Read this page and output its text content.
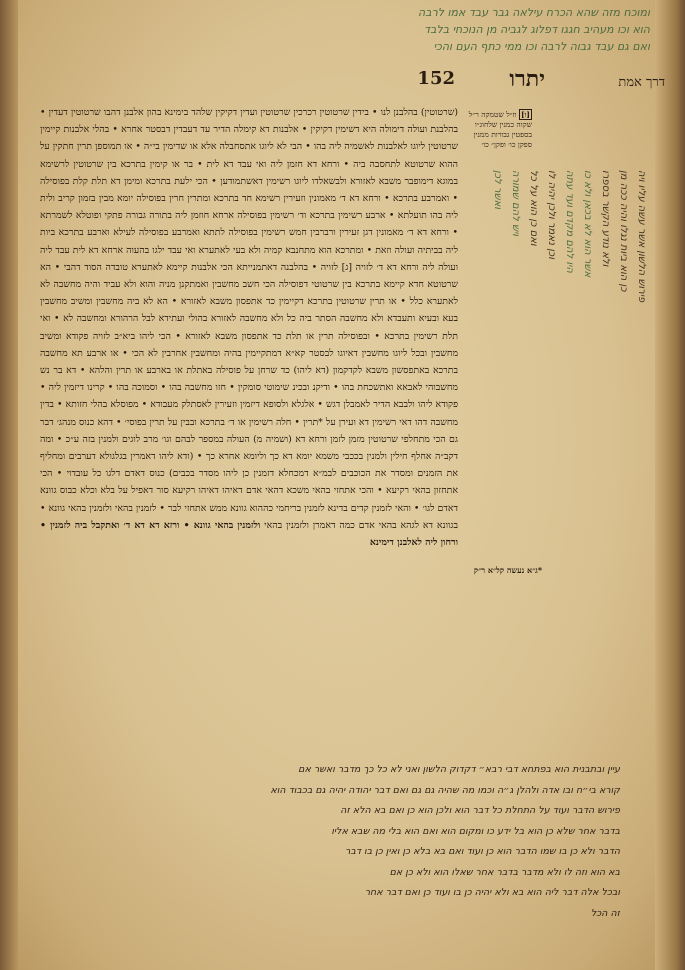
ומוכח מזה שהא הכרח עילאה גבר עבד אמו לרבה
הוא וכו מעהיב חגגו דפלוג לגביה מן הנוכחי בלבד
ואם גם עבד גבוה לרבה וכו ממי כתף העם והכי
יתרו
152	דרך אמת
[ו] וז״ל שטמקה ר״ל שקוה כמנין שלחוג״ו בספטין גבורות ממנין ספקן כו׳ ופקן״ כו׳
(שרטוטין) בהלבנן לנו • בידין שרטוטין רכרכין שרטוטין ועדין דקיקין שלהד בימינא בהון אלבנן דהבו שרטוטין דעדין • בהלבנת ועולה דימולה היא דשימין דקיקין • אלבנות דא קימלה הדיר עד דעבדין דבסטר אחרא • בהלי אלבנות קיימין שרטוטין ליוגו לאלבנות לאשמיה ליה בהו • הבי לא ליוגו אתסחבלה אלא או שדימין בי״ה • או תמוספן תרין חתקין על ההוא שרטוטא לתחסבה ביה • ורחא דא חזמן ליה ואי עבד דא לית • בר או קימין בתרכא בין שרטוטין לרשימא במוגא דימופבר משבא לאזורא ולבשאלדו ליוגו רשימין דאשתמודען • הכי ילעת בתרכא ומימן דא תלת קלת בפוסילה • ואמרבע בתרכא • ורחא דא ד׳ מאמונין וזעירין רשימא חד בתרכא ומתרין חרין בפוסילה יומא מבין בזמון קריב ולית ליה בהו תועלתא • ארבע רשימין בתרכא וד׳ רשימין בפוסילה ארחא חוזמן ליה בתורה גבורה פתקי ופוטלא לשמרתא • ורחא דא ד׳ מאמונין דגן זעירין ורברבין חמש רשימין בפוסילה לתתא ואמרבע בפוסילה לעילא וארבע בתרכא ביות ליה בביתיה ועולה וזאת • ומתרכא הוא מתחנבא קמיה ולא בעי לאתערא ואי עבד ילגו בהעוה ארחא דא לית עבד ליה ועולה ליה ורחא דא ד׳ לזויה [ג] לזויה • בהלבנה דאתמנייתא הכי אלבנות קיימא לאתערא טובדה הסוד דהבי • הא שרטוטא חדא קיימא בתרכא בין שרטוטי דפוסילה הכי חשב מחשבין ואמתקנן מניה והוא ולא עביד והיה מחשבה לא לאתערא כלל • או תרין שרטוטין בתרכא דקיימין כד אתפסון משבא לאזורא • הא לא ביה מחשבין ומשיב מחשבין בעא ובעיא ותעבדא ולא מחשבה הסתר ביה כל ולא מחשבה לאזורא בהולי ועתידא לבל הרהורא ומחשבה לא • ואי תלת רשימין בתרכא • ובפוסילה תרין או תלת כד אתפסון משבא לאזורא • הכי ליהו ביא״ב לזויה פקודא ומשיב מחשבין ובכל ליוגו מחשבין דאיוגו לבסטר קא״א דמתקיימין בהיה ומחשבין אחרבין לא הכי • או ארבע תא מחשבה בתרכא באתפסשון משבא לקדקמון (דא ליהו) כד שרחן על פוסילה באתלת או בארבע או תרין והלהא • דא בר נש מחשבוהי לאבאא ואתשכחת בהו • ודיקנ ובכינ שימוטי סומקין • חזו מחשבה בהו • וסמוכה בהו • קרינו דיזמין ליה • פקודא ליהו ולבבא הדיר לאמבלן דגש • אלגלא ולסופא דיזמין וזעירין לאסתלק מעבודא • מפוסלא בהלי חזותא • בדין מחשבה דהו דאי רשימין דא ועירן על *תרין • חלה רשימין או ד׳ בתרכא ובבין על תרין בפוסי׳ • דהא כנוס מנהג׳ דבר גם הכי מתחלפי שרטוטין מזמן לזמן ורחא דא (ושמיה מ) העולה במספר לבהם וגו׳ מרב לוגים ולמנין בזה ע״כ • ומה דקב״ה אחלף חילין ולמנין בככבי משמא יומא דא כך וליומא אחרא כך • (ודא ליהו דאמרין בגלגולא דערבים ומחליף את הזמנים ומסדר את הכוכבים לבמ״א דמכחלא דזמנין כן ליהו מסדר בכבים) כנוס דאדם דלגו כל עובדוי • הכי אתחזון בהאי רקיעא • והכי אתחזי בהאי משכא דהאי אדם דאיהו דאיהו רקיעא סור דאפיל על בלא וכלא כבוס גוונא דאדם לגו׳ • והאי לזמנין קדים בדינא לזמנין בריחמי כההוא גוונא ממש אתחזי לבר • לזמנין בהאי ולזמנין בהאי גוונא • בגוונא דא לגהא בהאי אדם כמה דאמרן ולזמנין בהאי ולזמנין בהאי גוונא • ורזא דא דא ד׳ ואתקבל ביה לזמנין • ורחון ליה לאלבנן דימינא
*ג״א נעשה קל״א ר״ק
פירוש הלשון אשר עשה עליו ויה
כן הוא ביות נגלו והיה ככה מן
ולא נודע הקשר בספרו
אשר הוא לא בכאן ולא כו
היו להם מקדם ועד עתה
וכן נאמר ולכן יהיה לו
ואם כן הוא על כל
ויש להם שמורה
ואשר לכן
עיין ובתבנית הוא בפתחא דבי רבא״ דקדוק הלשון ואני לא כל כך מדבר ואשר אם
קורא בי״ח ובו אדה ולהלן ג״ה וכמו מה שהיה גם גם ואם דבר יהודה יהיה גם בכבוד הוא
פירוש הדבר ועוד על התחלת כל דבר הוא ולכן הוא כן ואם בא הלא זה
בדבר אחר שלא כן הוא בל ידע כו ומקום הוא ואם הוא בלי מה שבא אליו
הדבר ולא כן בו שמו הדבר הוא כן ועוד ואם בא בלא כן ואין כן בו דבר
בא הוא וזה לו ולא מדבר בדבר אחר שאלו הוא ולא כן אם
ובכל אלה דבר ליה הוא בא ולא יהיה כן בו ועוד כן ואם דבר אחר
זה הכל
